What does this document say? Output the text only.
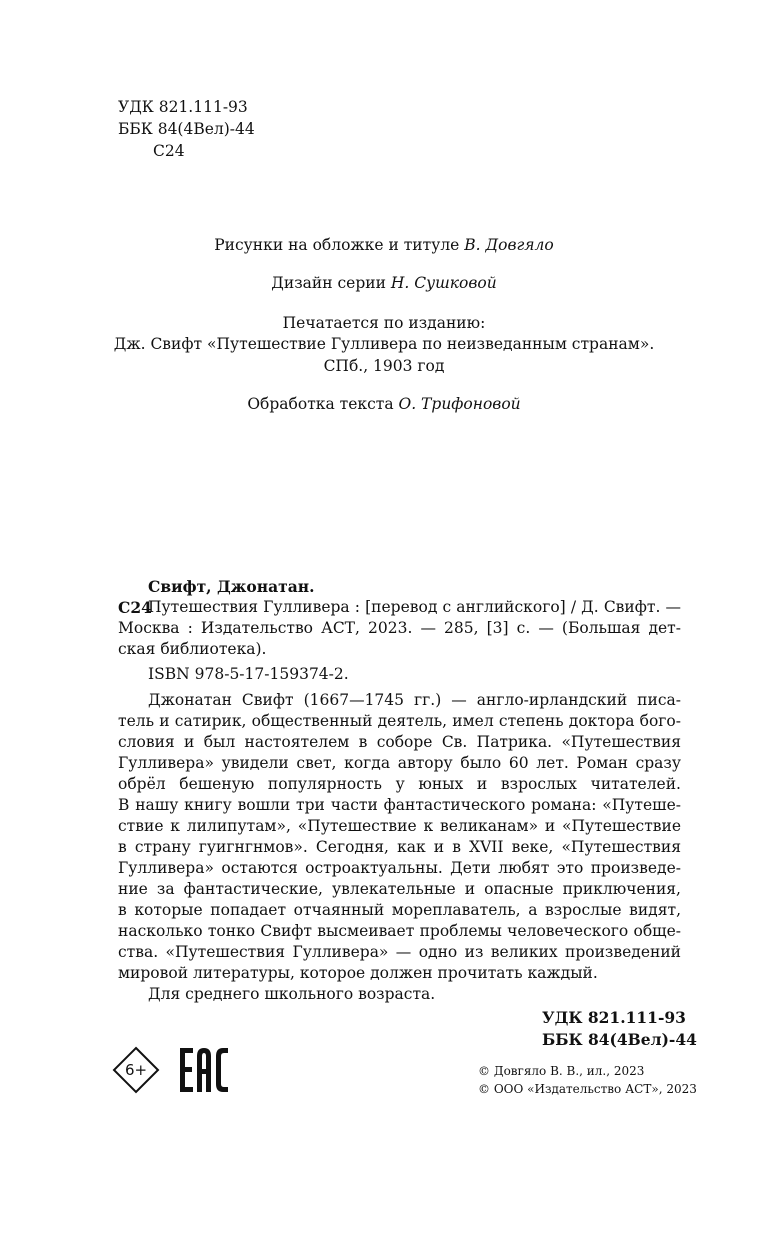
УДК 821.111-93
ББК 84(4Вел)-44
С24
Рисунки на обложке и титуле В. Довгяло
Дизайн серии Н. Сушковой
Печатается по изданию:
Дж. Свифт «Путешествие Гулливера по неизведанным странам».
СПб., 1903 год
Обработка текста О. Трифоновой
Свифт, Джонатан.
С24
Путешествия Гулливера : [перевод с английского] / Д. Свифт. —
Москва : Издательство АСТ, 2023. — 285, [3] с. — (Большая дет-
ская библиотека).
ISBN 978-5-17-159374-2.
Джонатан Свифт (1667—1745 гг.) — англо-ирландский писа-
тель и сатирик, общественный деятель, имел степень доктора бого-
словия и был настоятелем в соборе Св. Патрика. «Путешествия
Гулливера» увидели свет, когда автору было 60 лет. Роман сразу
обрёл бешеную популярность у юных и взрослых читателей.
В нашу книгу вошли три части фантастического романа: «Путеше-
ствие к лилипутам», «Путешествие к великанам» и «Путешествие
в страну гуигнгнмов». Сегодня, как и в XVII веке, «Путешествия
Гулливера» остаются остроактуальны. Дети любят это произведе-
ние за фантастические, увлекательные и опасные приключения,
в которые попадает отчаянный мореплаватель, а взрослые видят,
насколько тонко Свифт высмеивает проблемы человеческого обще-
ства. «Путешествия Гулливера» — одно из великих произведений
мировой литературы, которое должен прочитать каждый.
Для среднего школьного возраста.
УДК 821.111-93
ББК 84(4Вел)-44
6+	© Довгяло В. В., ил., 2023
© ООО «Издательство АСТ», 2023
